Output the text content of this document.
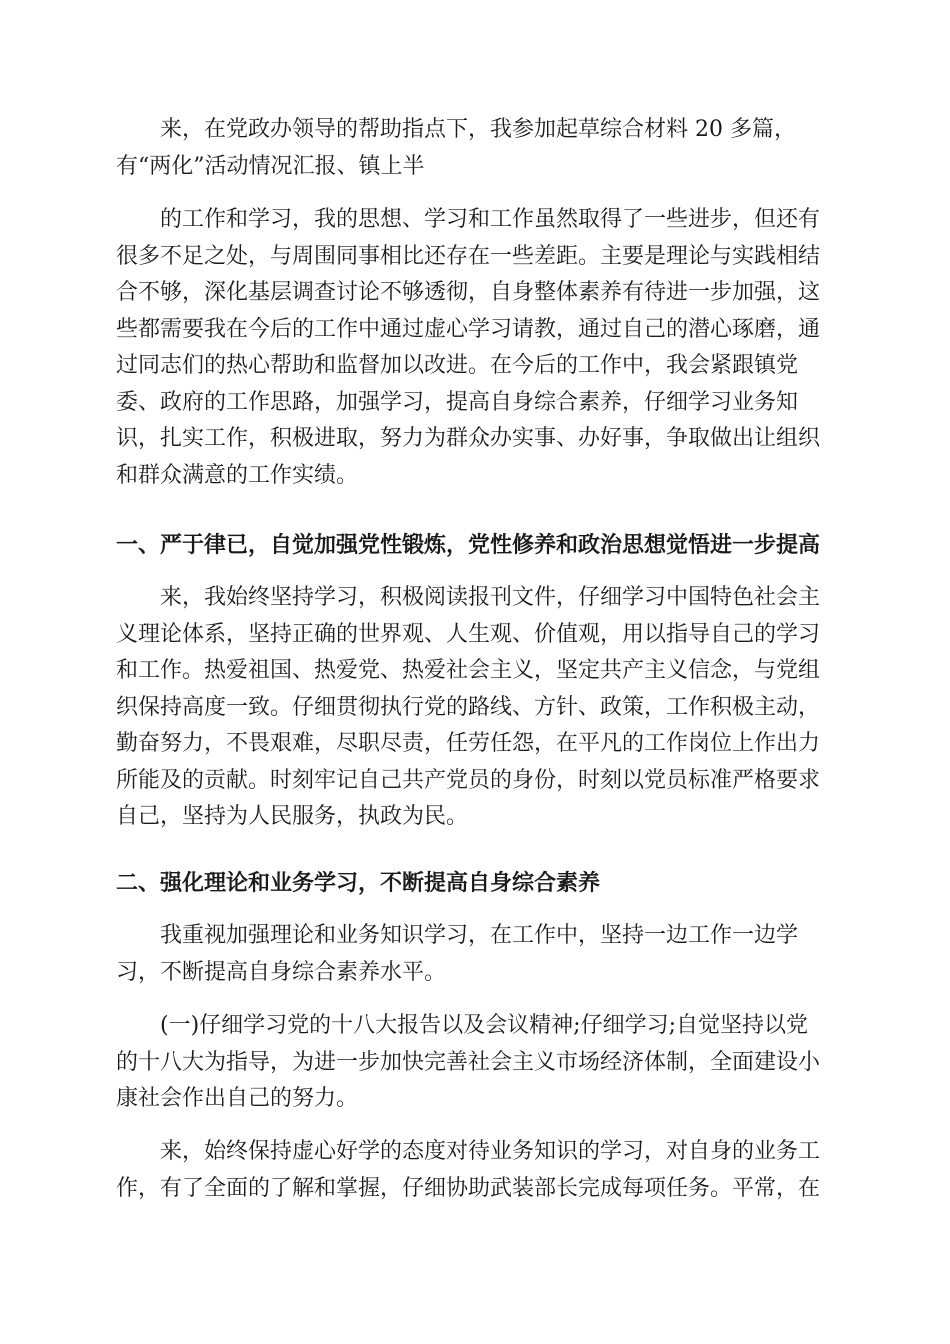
来，在党政办领导的帮助指点下，我参加起草综合材料 20 多篇，
有“两化”活动情况汇报、镇上半

的工作和学习，我的思想、学习和工作虽然取得了一些进步，但还有
很多不足之处，与周围同事相比还存在一些差距。主要是理论与实践相结
合不够，深化基层调查讨论不够透彻，自身整体素养有待进一步加强，这
些都需要我在今后的工作中通过虚心学习请教，通过自己的潜心琢磨，通
过同志们的热心帮助和监督加以改进。在今后的工作中，我会紧跟镇党
委、政府的工作思路，加强学习，提高自身综合素养，仔细学习业务知
识，扎实工作，积极进取，努力为群众办实事、办好事，争取做出让组织
和群众满意的工作实绩。

一、严于律已，自觉加强党性锻炼，党性修养和政治思想觉悟进一步提高

来，我始终坚持学习，积极阅读报刊文件，仔细学习中国特色社会主
义理论体系，坚持正确的世界观、人生观、价值观，用以指导自己的学习
和工作。热爱祖国、热爱党、热爱社会主义，坚定共产主义信念，与党组
织保持高度一致。仔细贯彻执行党的路线、方针、政策，工作积极主动，
勤奋努力，不畏艰难，尽职尽责，任劳任怨，在平凡的工作岗位上作出力
所能及的贡献。时刻牢记自己共产党员的身份，时刻以党员标准严格要求
自己，坚持为人民服务，执政为民。

二、强化理论和业务学习，不断提高自身综合素养

我重视加强理论和业务知识学习，在工作中，坚持一边工作一边学
习，不断提高自身综合素养水平。

(一)仔细学习党的十八大报告以及会议精神;仔细学习;自觉坚持以党
的十八大为指导，为进一步加快完善社会主义市场经济体制，全面建设小
康社会作出自己的努力。

来，始终保持虚心好学的态度对待业务知识的学习，对自身的业务工
作，有了全面的了解和掌握，仔细协助武装部长完成每项任务。平常，在
